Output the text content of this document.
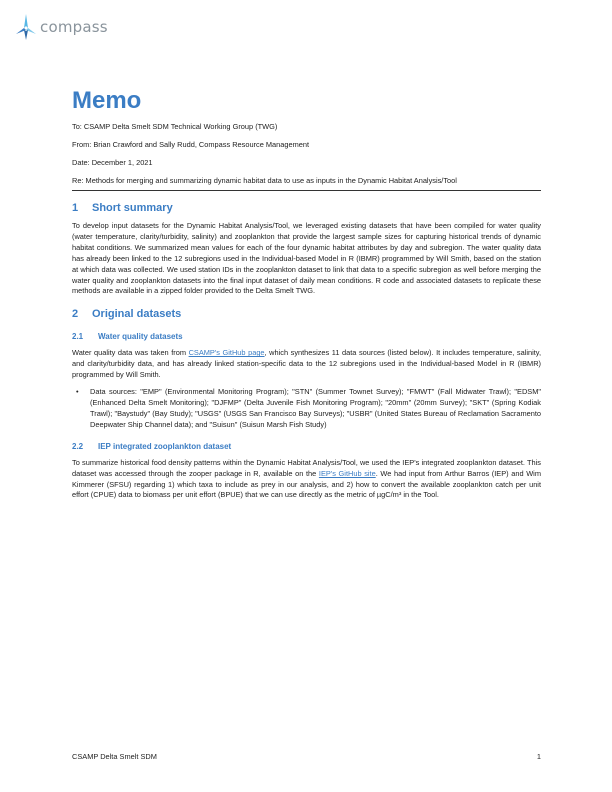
compass
Memo

To: CSAMP Delta Smelt SDM Technical Working Group (TWG)

From: Brian Crawford and Sally Rudd, Compass Resource Management

Date: December 1, 2021

Re: Methods for merging and summarizing dynamic habitat data to use as inputs in the Dynamic Habitat Analysis/Tool

1 Short summary

To develop input datasets for the Dynamic Habitat Analysis/Tool, we leveraged existing datasets that have been compiled for water quality (water temperature, clarity/turbidity, salinity) and zooplankton that provide the largest sample sizes for capturing historical trends of dynamic habitat conditions. We summarized mean values for each of the four dynamic habitat attributes by day and subregion. The water quality data has already been linked to the 12 subregions used in the Individual-based Model in R (IBMR) programmed by Will Smith, based on the station at which data was collected. We used station IDs in the zooplankton dataset to link that data to a specific subregion as well before merging the water quality and zooplankton datasets into the final input dataset of daily mean conditions. R code and associated datasets to replicate these methods are available in a zipped folder provided to the Delta Smelt TWG.

2 Original datasets
2.1 Water quality datasets

Water quality data was taken from CSAMP's GitHub page, which synthesizes 11 data sources (listed below). It includes temperature, salinity, and clarity/turbidity data, and has already linked station-specific data to the 12 subregions used in the Individual-based Model in R (IBMR) programmed by Will Smith.

• Data sources: "EMP" (Environmental Monitoring Program); "STN" (Summer Townet Survey); "FMWT" (Fall Midwater Trawl); "EDSM" (Enhanced Delta Smelt Monitoring); "DJFMP" (Delta Juvenile Fish Monitoring Program); "20mm" (20mm Survey); "SKT" (Spring Kodiak Trawl); "Baystudy" (Bay Study); "USGS" (USGS San Francisco Bay Surveys); "USBR" (United States Bureau of Reclamation Sacramento Deepwater Ship Channel data); and "Suisun" (Suisun Marsh Fish Study)
2.2 IEP integrated zooplankton dataset

To summarize historical food density patterns within the Dynamic Habitat Analysis/Tool, we used the IEP's integrated zooplankton dataset. This dataset was accessed through the zooper package in R, available on the IEP's GitHub site. We had input from Arthur Barros (IEP) and Wim Kimmerer (SFSU) regarding 1) which taxa to include as prey in our analysis, and 2) how to convert the available zooplankton catch per unit effort (CPUE) data to biomass per unit effort (BPUE) that we can use directly as the metric of µgC/m³ in the Tool.

CSAMP Delta Smelt SDM	1
